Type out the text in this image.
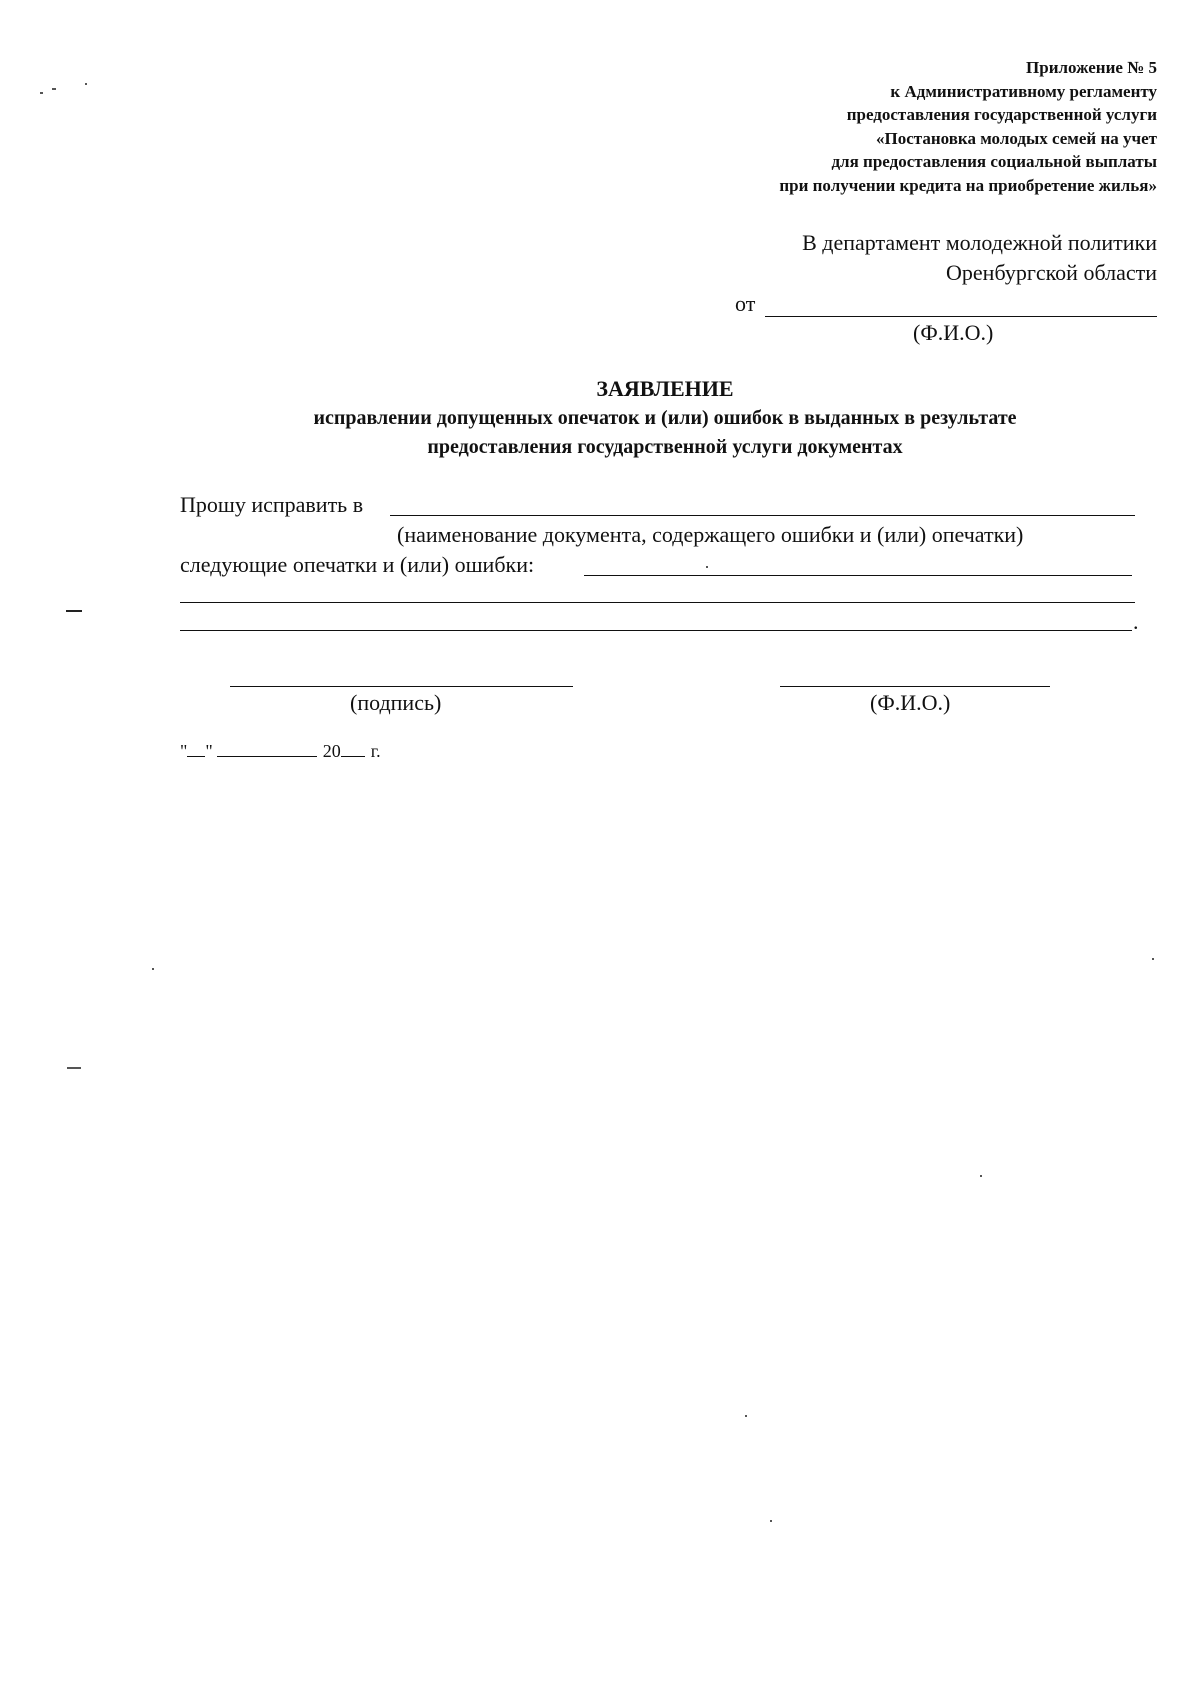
Приложение № 5
к Административному регламенту
предоставления государственной услуги
«Постановка молодых семей на учет
для предоставления социальной выплаты
при получении кредита на приобретение жилья»
В департамент молодежной политики
Оренбургской области
от
(Ф.И.О.)
ЗАЯВЛЕНИЕ
исправлении допущенных опечаток и (или) ошибок в выданных в результате
предоставления государственной услуги документах
Прошу исправить в
(наименование документа, содержащего ошибки и (или) опечатки)
следующие опечатки и (или) ошибки:
.
(подпись)	(Ф.И.О.)
" "	20 г.
